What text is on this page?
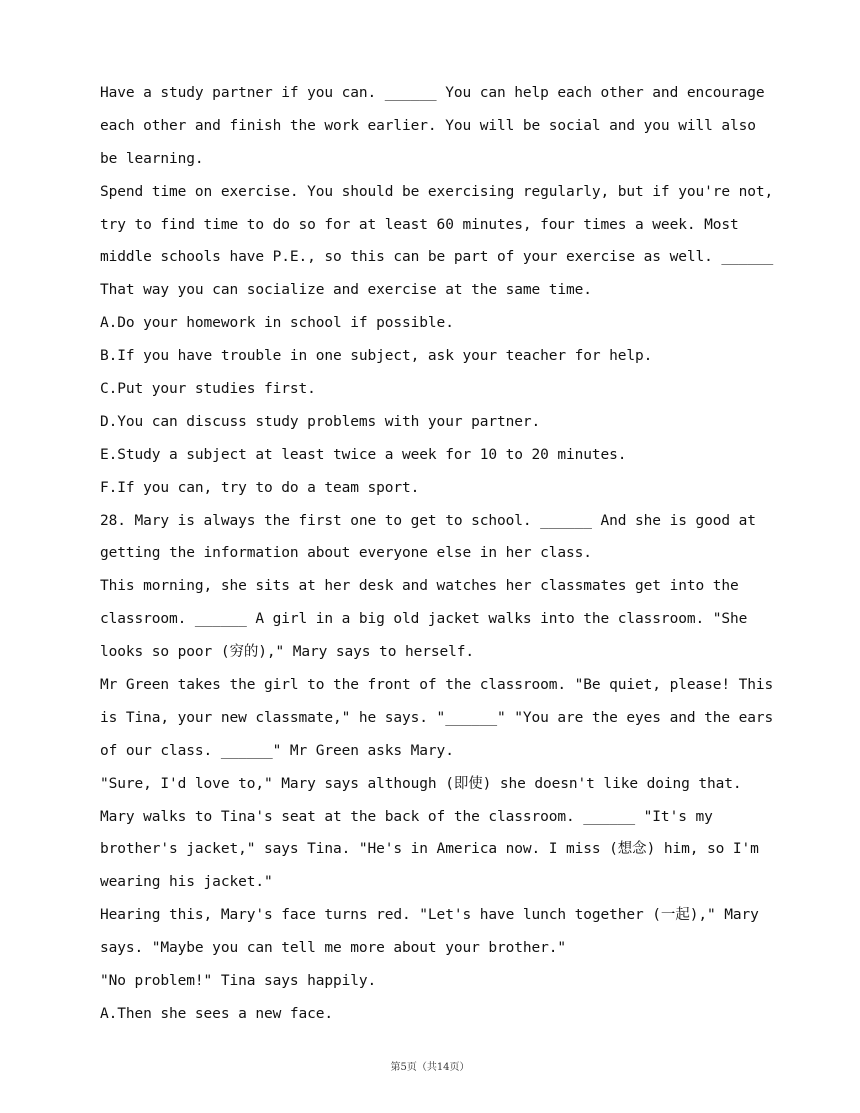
Have a study partner if you can. ______ You can help each other and encourage
each other and finish the work earlier. You will be social and you will also
be learning.
Spend time on exercise. You should be exercising regularly, but if you're not,
try to find time to do so for at least 60 minutes, four times a week. Most
middle schools have P.E., so this can be part of your exercise as well. ______
That way you can socialize and exercise at the same time.
A.Do your homework in school if possible.
B.If you have trouble in one subject, ask your teacher for help.
C.Put your studies first.
D.You can discuss study problems with your partner.
E.Study a subject at least twice a week for 10 to 20 minutes.
F.If you can, try to do a team sport.
28. Mary is always the first one to get to school. ______ And she is good at
getting the information about everyone else in her class.
This morning, she sits at her desk and watches her classmates get into the
classroom. ______ A girl in a big old jacket walks into the classroom. "She
looks so poor (穷的)," Mary says to herself.
Mr Green takes the girl to the front of the classroom. "Be quiet, please! This
is Tina, your new classmate," he says. "______" "You are the eyes and the ears
of our class. ______" Mr Green asks Mary.
"Sure, I'd love to," Mary says although (即使) she doesn't like doing that.
Mary walks to Tina's seat at the back of the classroom. ______ "It's my
brother's jacket," says Tina. "He's in America now. I miss (想念) him, so I'm
wearing his jacket."
Hearing this, Mary's face turns red. "Let's have lunch together (一起)," Mary
says. "Maybe you can tell me more about your brother."
"No problem!" Tina says happily.
A.Then she sees a new face.
第5页（共14页）
